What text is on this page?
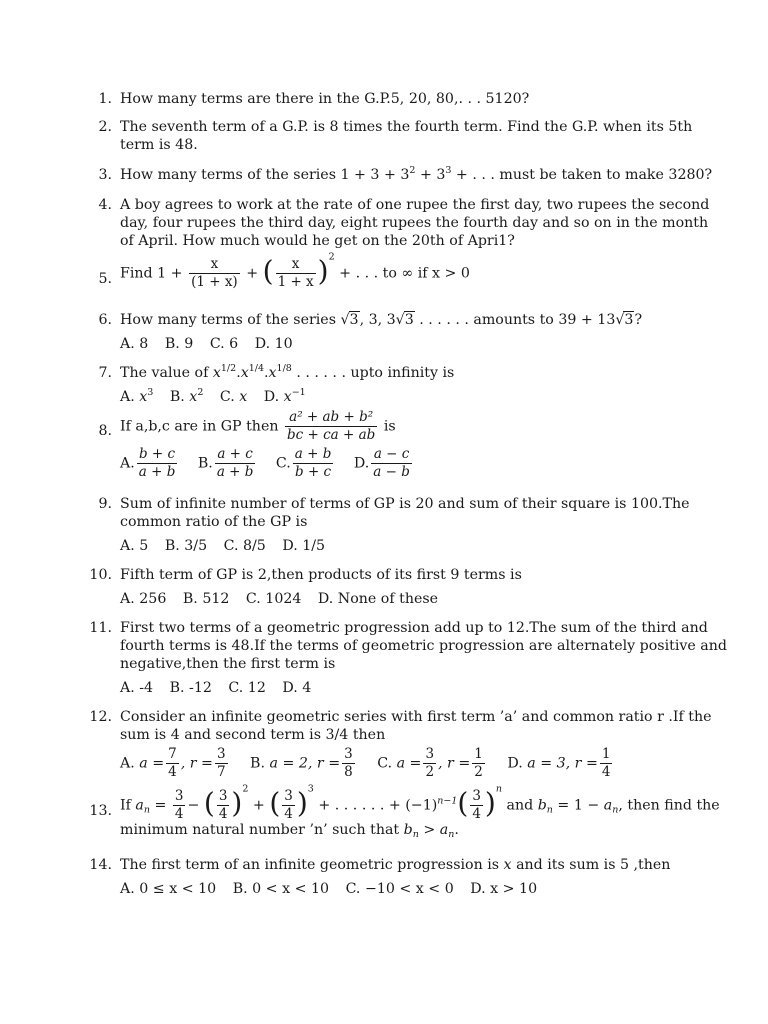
1. How many terms are there in the G.P.5, 20, 80,. . . 5120?
2. The seventh term of a G.P. is 8 times the fourth term. Find the G.P. when its 5th
term is 48.
3. How many terms of the series $1 + 3 + 3^2 + 3^3$ + . . . must be taken to make 3280?
4. A boy agrees to work at the rate of one rupee the first day, two rupees the second
day, four rupees the third day, eight rupees the fourth day and so on in the month
of April. How much would he get on the 20th of Apri1?
5. Find $1 + \frac{x}{(1 + x)}$ + ( $\frac{x}{1 + x} )^2$ + . . . to ∞ if x > 0
6. How many terms of the series √3, 3, 3√3 . . . . . . amounts to 39 + 13√3?
A. 8 B. 9 C. 6 D. 10
7. The value of $x^{1/2}.x^{1/4}.x^{1/8}$ . . . . . . upto infinity is
A. $x^3$ B. $x^2$ C. x D. $x^{-1}$
8. If a,b,c are in GP then $\frac{\text{a² + ab + b²}}{bc + ca + ab}$ is
A. $\frac{b + c}{a + b} B$. $\frac{a + c}{a + b} C$. $\frac{a + b}{b + c} D$. $\frac{a - c}{a - b}$
9. Sum of infinite number of terms of GP is 20 and sum of their square is 100.The
common ratio of the GP is
A. 5 B. 3/5 C. 8/5 D. 1/5
10. Fifth term of GP is 2,then products of its first 9 terms is
A. 256 B. 512 C. 1024 D. None of these
11. First two terms of a geometric progression add up to 12.The sum of the third and
fourth terms is 48.If the terms of geometric progression are alternately positive and
negative,then the first term is
A. -4 B. -12 C. 12 D. 4
12. Consider an infinite geometric series with first term ’a’ and common ratio r .If the
sum is 4 and second term is 3/4 then
A. $a = \frac{7}{4}$ , $r = \frac{3}{7} B$. a = 2, $r = \frac{3}{8} C$. $a = \frac{3}{2}$ , $r = \frac{1}{2} D$. a = 3, $r = \frac{1}{4}$
13. If $a_n = \frac{3}{4}$ − ( $\frac{3}{4} )^2$ + ( $\frac{3}{4} )^3$ + . . . . . . + $(-1)^{n-1}( \frac{3}{4} )^n$ and $b_n = 1 - a_n$, then find the
minimum natural number ’n’ such that $b_n > a_n$.
14. The first term of an infinite geometric progression is x and its sum is 5 ,then
A. 0 ≤ x < 10 B. 0 < x < 10 C. −10 < x < 0 D. x > 10
